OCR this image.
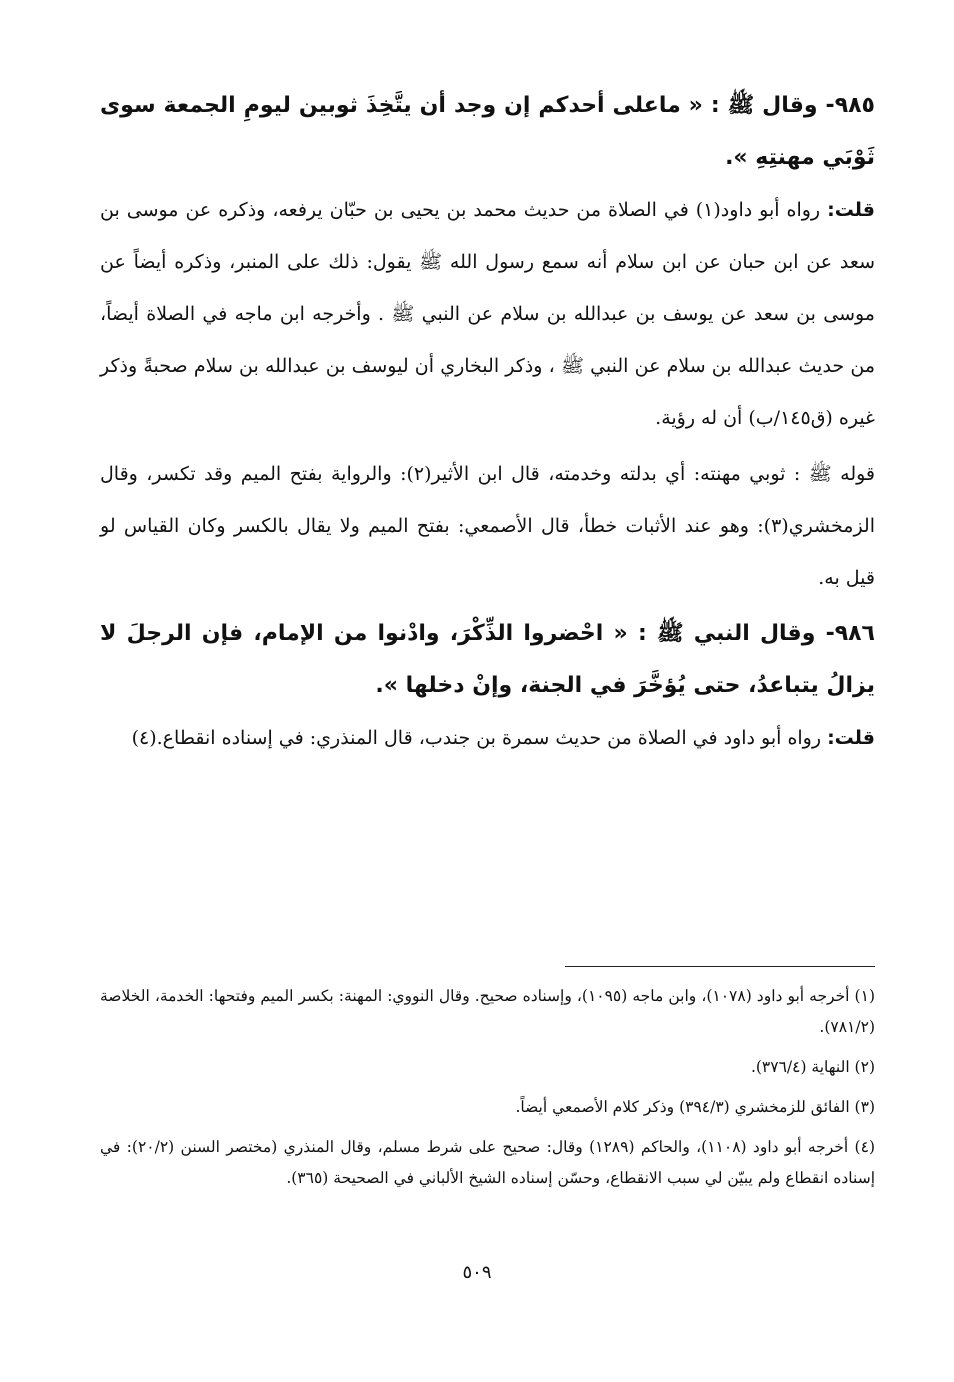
٩٨٥- وقال ﷺ : « ماعلى أحدكم إن وجد أن يتَّخِذَ ثوبين ليومِ الجمعة سوى ثَوْبَي مهنتِهِ ».

قلت: رواه أبو داود(١) في الصلاة من حديث محمد بن يحيى بن حبّان يرفعه، وذكره عن موسى بن سعد عن ابن حبان عن ابن سلام أنه سمع رسول الله ﷺ يقول: ذلك على المنبر، وذكره أيضاً عن موسى بن سعد عن يوسف بن عبدالله بن سلام عن النبي ﷺ . وأخرجه ابن ماجه في الصلاة أيضاً، من حديث عبدالله بن سلام عن النبي ﷺ ، وذكر البخاري أن ليوسف بن عبدالله بن سلام صحبةً وذكر غيره (ق١٤٥/ب) أن له رؤية.

قوله ﷺ : ثوبي مهنته: أي بدلته وخدمته، قال ابن الأثير(٢): والرواية بفتح الميم وقد تكسر، وقال الزمخشري(٣): وهو عند الأثبات خطأ، قال الأصمعي: بفتح الميم ولا يقال بالكسر وكان القياس لو قيل به.

٩٨٦- وقال النبي ﷺ : « احْضروا الذِّكْرَ، وادْنوا من الإمام، فإن الرجلَ لا يزالُ يتباعدُ، حتى يُؤخَّرَ في الجنة، وإنْ دخلها ».

قلت: رواه أبو داود في الصلاة من حديث سمرة بن جندب، قال المنذري: في إسناده انقطاع.(٤)

(١) أخرجه أبو داود (١٠٧٨)، وابن ماجه (١٠٩٥)، وإسناده صحيح. وقال النووي: المهنة: بكسر الميم وفتحها: الخدمة، الخلاصة (٧٨١/٢).

(٢) النهاية (٣٧٦/٤).

(٣) الفائق للزمخشري (٣٩٤/٣) وذكر كلام الأصمعي أيضاً.

(٤) أخرجه أبو داود (١١٠٨)، والحاكم (١٢٨٩) وقال: صحيح على شرط مسلم، وقال المنذري (مختصر السنن (٢٠/٢): في إسناده انقطاع ولم يبيّن لي سبب الانقطاع، وحسّن إسناده الشيخ الألباني في الصحيحة (٣٦٥).

٥٠٩
